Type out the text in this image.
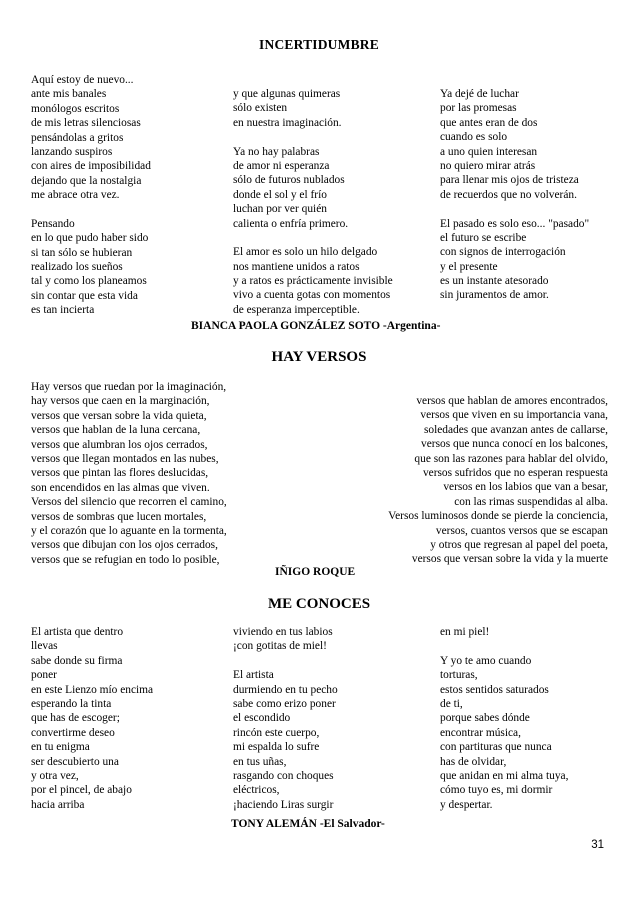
INCERTIDUMBRE
Aquí estoy de nuevo...
ante mis banales
monólogos escritos
de mis letras silenciosas
pensándolas a gritos
lanzando suspiros
con aires de imposibilidad
dejando que la nostalgia
me abrace otra vez.
Pensando
en lo que pudo haber sido
si tan sólo se hubieran
realizado los sueños
tal y como los planeamos
sin contar que esta vida
es tan incierta
y que algunas quimeras
sólo existen
en nuestra imaginación.
Ya no hay palabras
de amor ni esperanza
sólo de futuros nublados
donde el sol y el frío
luchan por ver quién
calienta o enfría primero.
El amor es solo un hilo delgado
nos mantiene unidos a ratos
y a ratos es prácticamente invisible
vivo a cuenta gotas con momentos
de esperanza imperceptible.
Ya dejé de luchar
por las promesas
que antes eran de dos
cuando es solo
a uno quien interesan
no quiero mirar atrás
para llenar mis ojos de tristeza
de recuerdos que no volverán.
El pasado es solo eso... "pasado"
el futuro se escribe
con signos de interrogación
y el presente
es un instante atesorado
sin juramentos de amor.
BIANCA PAOLA GONZÁLEZ SOTO -Argentina-
HAY VERSOS
Hay versos que ruedan por la imaginación,
hay versos que caen en la marginación,
versos que versan sobre la vida quieta,
versos que hablan de la luna cercana,
versos que alumbran los ojos cerrados,
versos que llegan montados en las nubes,
versos que pintan las flores deslucidas,
son encendidos en las almas que viven.
Versos del silencio que recorren el camino,
versos de sombras que lucen mortales,
y el corazón que lo aguante en la tormenta,
versos que dibujan con los ojos cerrados,
versos que se refugian en todo lo posible,
versos que hablan de amores encontrados,
versos que viven en su importancia vana,
soledades que avanzan antes de callarse,
versos que nunca conocí en los balcones,
que son las razones para hablar del olvido,
versos sufridos que no esperan respuesta
versos en los labios que van a besar,
con las rimas suspendidas al alba.
Versos luminosos donde se pierde la conciencia,
versos, cuantos versos que se escapan
y otros que regresan al papel del poeta,
versos que versan sobre la vida y la muerte
IÑIGO ROQUE
ME CONOCES
El artista que dentro
llevas
sabe donde su firma
poner
en este Lienzo mío encima
esperando la tinta
que has de escoger;
convertirme deseo
en tu enigma
ser descubierto una
y otra vez,
por el pincel, de abajo
hacia arriba
viviendo en tus labios
¡con gotitas de miel!
El artista
durmiendo en tu pecho
sabe como erizo poner
el escondido
rincón este cuerpo,
mi espalda lo sufre
en tus uñas,
rasgando con choques
eléctricos,
¡haciendo Liras surgir
en mi piel!
Y yo te amo cuando
torturas,
estos sentidos saturados
de ti,
porque sabes dónde
encontrar música,
con partituras que nunca
has de olvidar,
que anidan en mi alma tuya,
cómo tuyo es, mi dormir
y despertar.
TONY ALEMÁN -El Salvador-
31
